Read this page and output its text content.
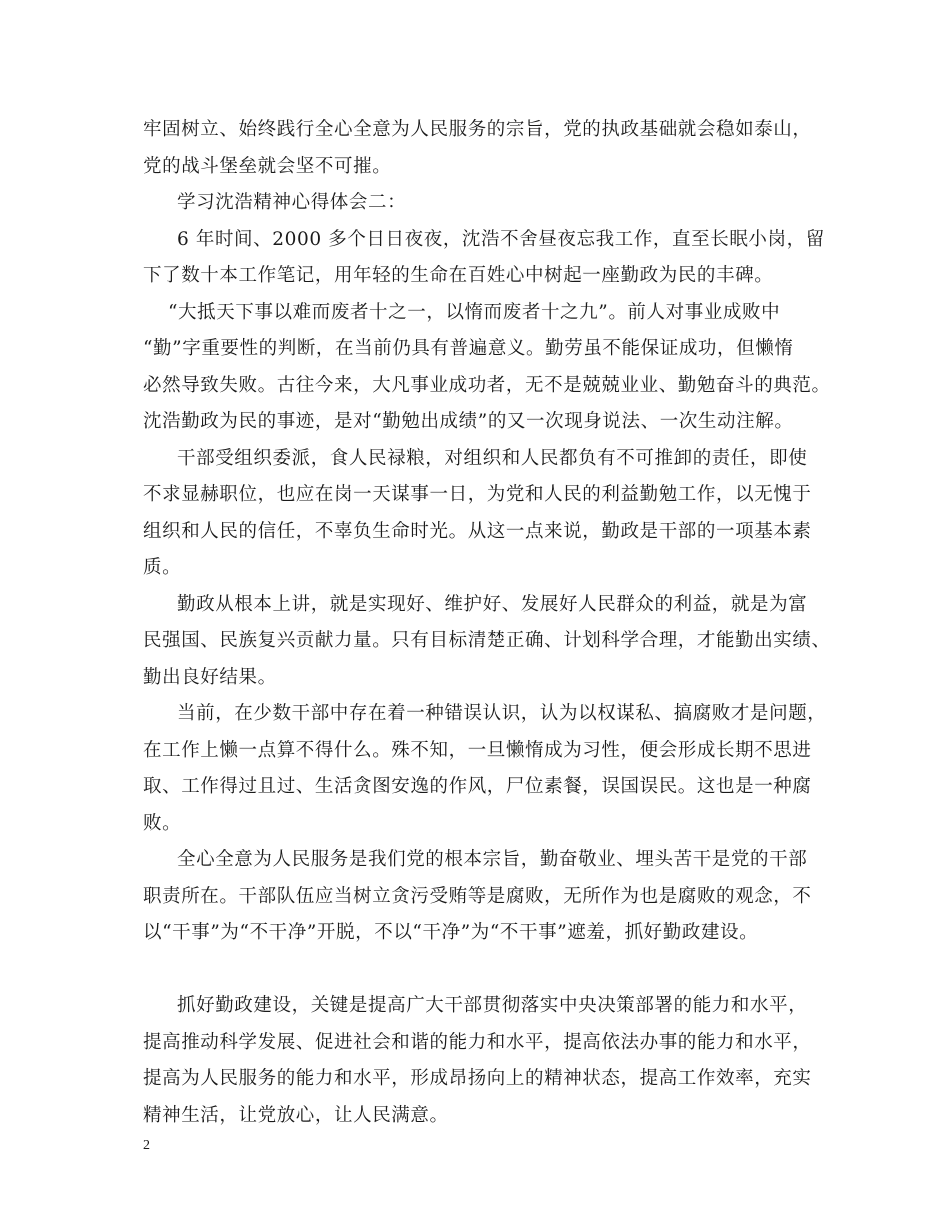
牢固树立、始终践行全心全意为人民服务的宗旨，党的执政基础就会稳如泰山，
党的战斗堡垒就会坚不可摧。
学习沈浩精神心得体会二：
6 年时间、2000 多个日日夜夜，沈浩不舍昼夜忘我工作，直至长眠小岗，留
下了数十本工作笔记，用年轻的生命在百姓心中树起一座勤政为民的丰碑。
“大抵天下事以难而废者十之一，以惰而废者十之九”。前人对事业成败中
“勤”字重要性的判断，在当前仍具有普遍意义。勤劳虽不能保证成功，但懒惰
必然导致失败。古往今来，大凡事业成功者，无不是兢兢业业、勤勉奋斗的典范。
沈浩勤政为民的事迹，是对“勤勉出成绩”的又一次现身说法、一次生动注解。
干部受组织委派，食人民禄粮，对组织和人民都负有不可推卸的责任，即使
不求显赫职位，也应在岗一天谋事一日，为党和人民的利益勤勉工作，以无愧于
组织和人民的信任，不辜负生命时光。从这一点来说，勤政是干部的一项基本素
质。
勤政从根本上讲，就是实现好、维护好、发展好人民群众的利益，就是为富
民强国、民族复兴贡献力量。只有目标清楚正确、计划科学合理，才能勤出实绩、
勤出良好结果。
当前，在少数干部中存在着一种错误认识，认为以权谋私、搞腐败才是问题，
在工作上懒一点算不得什么。殊不知，一旦懒惰成为习性，便会形成长期不思进
取、工作得过且过、生活贪图安逸的作风，尸位素餐，误国误民。这也是一种腐
败。
全心全意为人民服务是我们党的根本宗旨，勤奋敬业、埋头苦干是党的干部
职责所在。干部队伍应当树立贪污受贿等是腐败，无所作为也是腐败的观念，不
以“干事”为“不干净”开脱，不以“干净”为“不干事”遮羞，抓好勤政建设。
抓好勤政建设，关键是提高广大干部贯彻落实中央决策部署的能力和水平，
提高推动科学发展、促进社会和谐的能力和水平，提高依法办事的能力和水平，
提高为人民服务的能力和水平，形成昂扬向上的精神状态，提高工作效率，充实
精神生活，让党放心，让人民满意。
2
